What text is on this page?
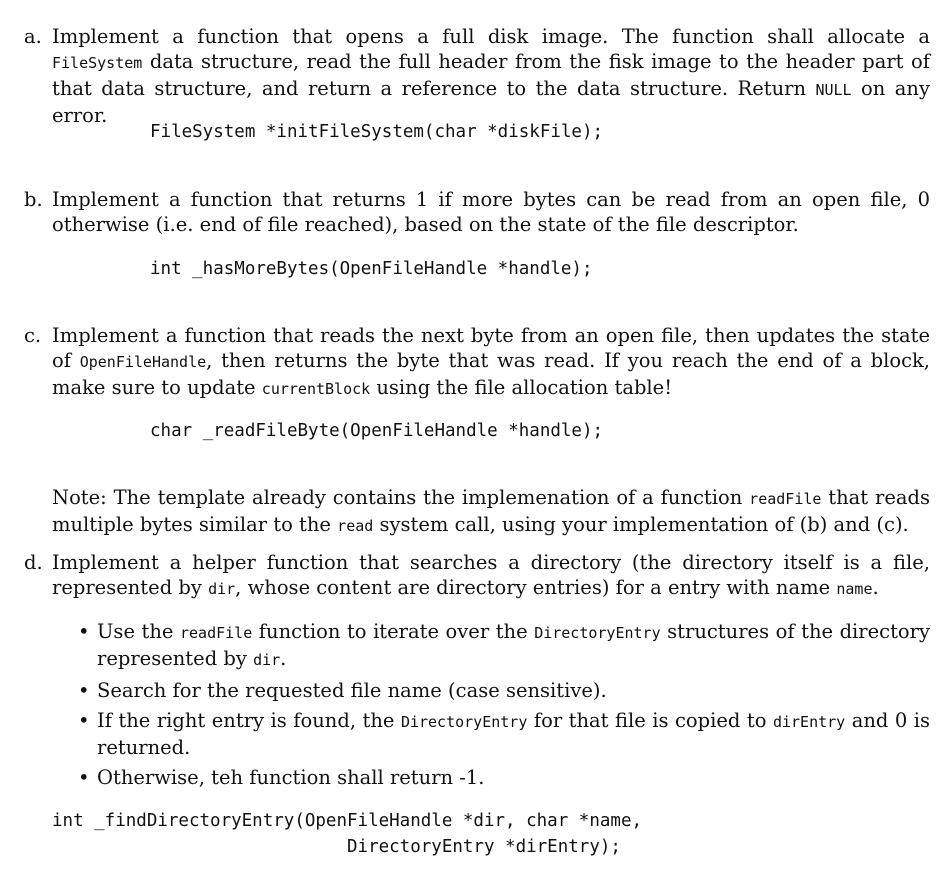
a. Implement a function that opens a full disk image. The function shall allocate a FileSystem data structure, read the full header from the fisk image to the header part of that data structure, and return a reference to the data structure. Return NULL on any error.
FileSystem *initFileSystem(char *diskFile);
b. Implement a function that returns 1 if more bytes can be read from an open file, 0 otherwise (i.e. end of file reached), based on the state of the file descriptor.
int _hasMoreBytes(OpenFileHandle *handle);
c. Implement a function that reads the next byte from an open file, then updates the state of OpenFileHandle, then returns the byte that was read. If you reach the end of a block, make sure to update currentBlock using the file allocation table!
char _readFileByte(OpenFileHandle *handle);
Note: The template already contains the implemenation of a function readFile that reads multiple bytes similar to the read system call, using your implementation of (b) and (c).
d. Implement a helper function that searches a directory (the directory itself is a file, represented by dir, whose content are directory entries) for a entry with name name.
• Use the readFile function to iterate over the DirectoryEntry structures of the directory represented by dir.
• Search for the requested file name (case sensitive).
• If the right entry is found, the DirectoryEntry for that file is copied to dirEntry and 0 is returned.
• Otherwise, teh function shall return -1.
int _findDirectoryEntry(OpenFileHandle *dir, char *name,
DirectoryEntry *dirEntry);
